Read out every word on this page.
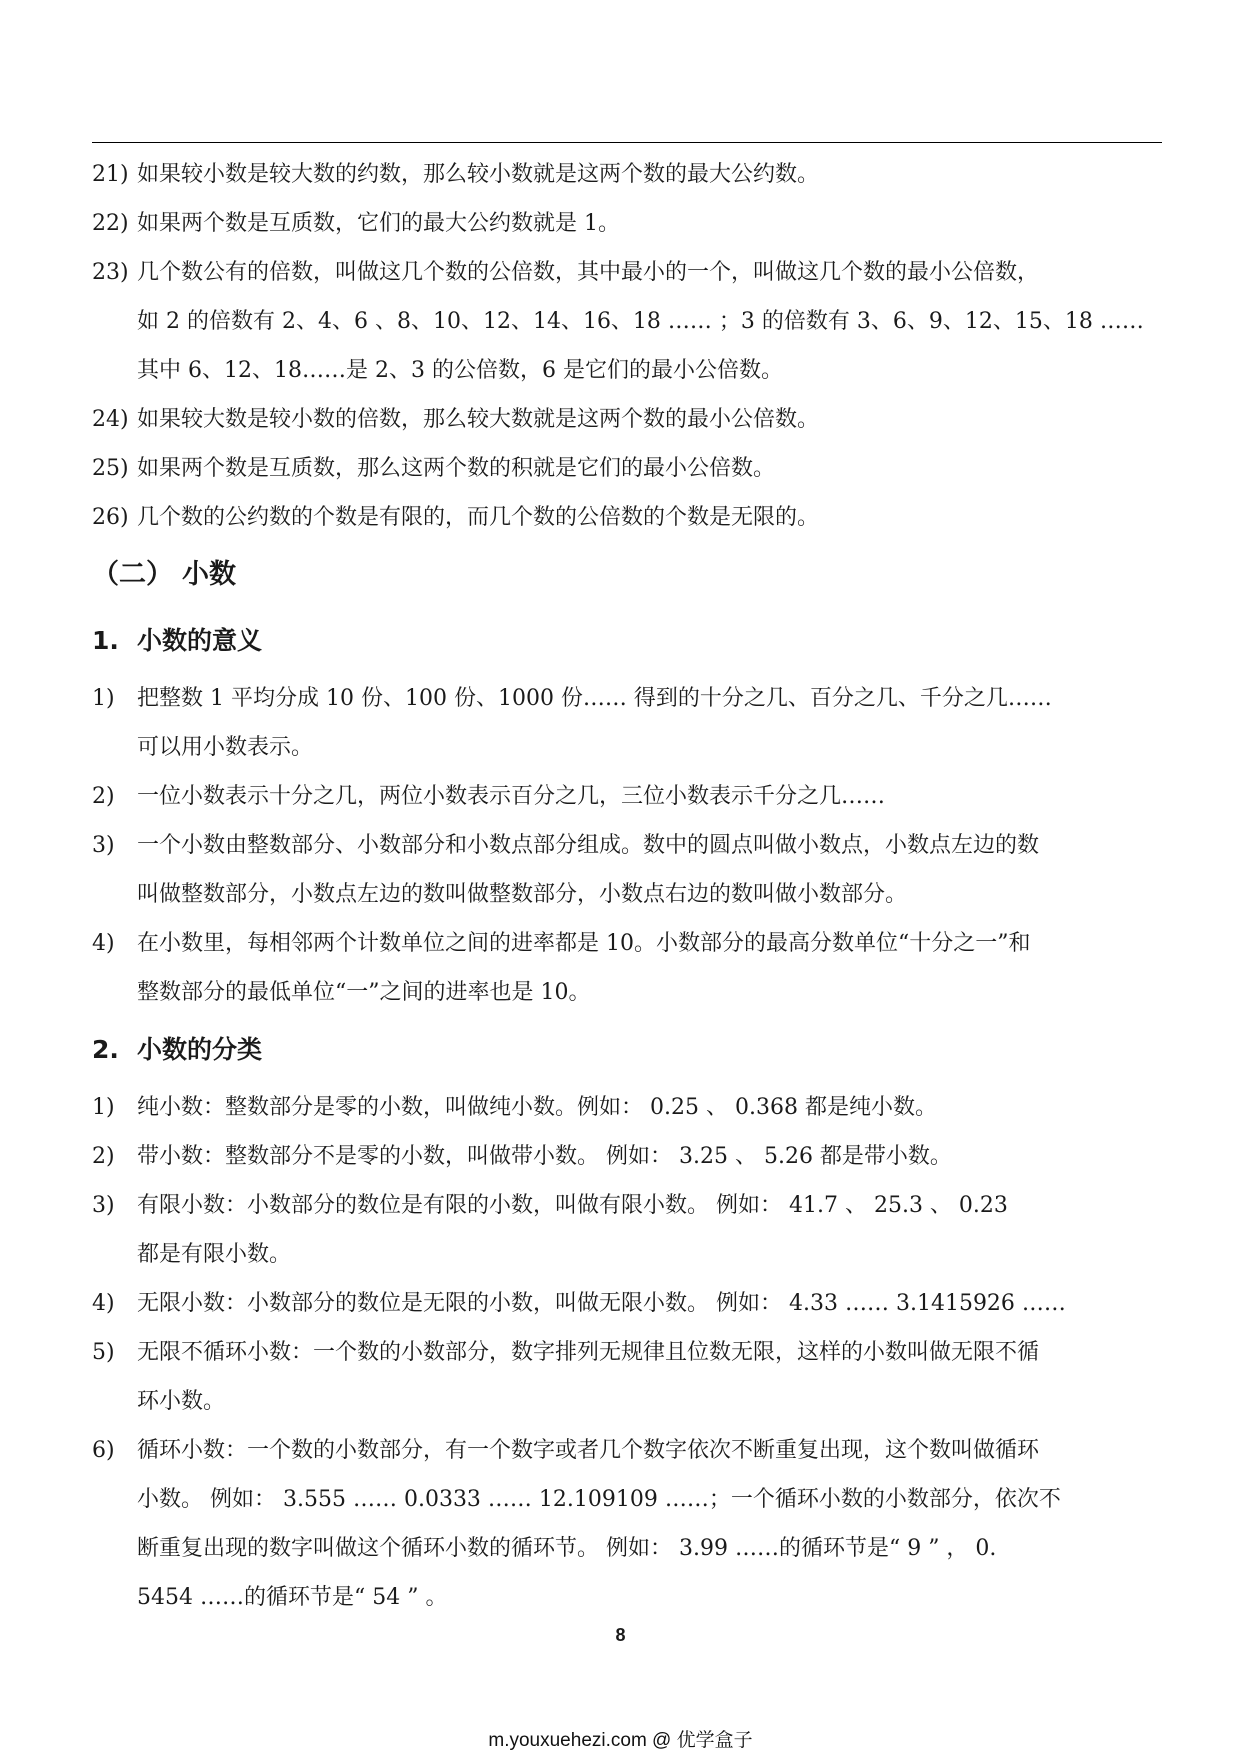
21) 如果较小数是较大数的约数，那么较小数就是这两个数的最大公约数。
22) 如果两个数是互质数，它们的最大公约数就是 1。
23) 几个数公有的倍数，叫做这几个数的公倍数，其中最小的一个，叫做这几个数的最小公倍数，
如 2 的倍数有 2、4、6 、8、10、12、14、16、18 …… ；3 的倍数有 3、6、9、12、15、18 ……
其中 6、12、18……是 2、3 的公倍数，6 是它们的最小公倍数。
24) 如果较大数是较小数的倍数，那么较大数就是这两个数的最小公倍数。
25) 如果两个数是互质数，那么这两个数的积就是它们的最小公倍数。
26) 几个数的公约数的个数是有限的，而几个数的公倍数的个数是无限的。
（二） 小数
1. 小数的意义
1) 把整数 1 平均分成 10 份、100 份、1000 份…… 得到的十分之几、百分之几、千分之几……
可以用小数表示。
2) 一位小数表示十分之几，两位小数表示百分之几，三位小数表示千分之几……
3) 一个小数由整数部分、小数部分和小数点部分组成。数中的圆点叫做小数点，小数点左边的数
叫做整数部分，小数点左边的数叫做整数部分，小数点右边的数叫做小数部分。
4) 在小数里，每相邻两个计数单位之间的进率都是 10。小数部分的最高分数单位“十分之一”和
整数部分的最低单位“一”之间的进率也是 10。
2. 小数的分类
1) 纯小数：整数部分是零的小数，叫做纯小数。例如： 0.25 、 0.368 都是纯小数。
2) 带小数：整数部分不是零的小数，叫做带小数。 例如： 3.25 、 5.26 都是带小数。
3) 有限小数：小数部分的数位是有限的小数，叫做有限小数。 例如： 41.7 、 25.3 、 0.23
都是有限小数。
4) 无限小数：小数部分的数位是无限的小数，叫做无限小数。 例如： 4.33 …… 3.1415926 ……
5) 无限不循环小数：一个数的小数部分，数字排列无规律且位数无限，这样的小数叫做无限不循
环小数。
6) 循环小数：一个数的小数部分，有一个数字或者几个数字依次不断重复出现，这个数叫做循环
小数。 例如： 3.555 …… 0.0333 …… 12.109109 ……；一个循环小数的小数部分，依次不
断重复出现的数字叫做这个循环小数的循环节。 例如： 3.99 ……的循环节是“ 9 ” ， 0.
5454 ……的循环节是“ 54 ” 。
8
m.youxuehezi.com @ 优学盒子
